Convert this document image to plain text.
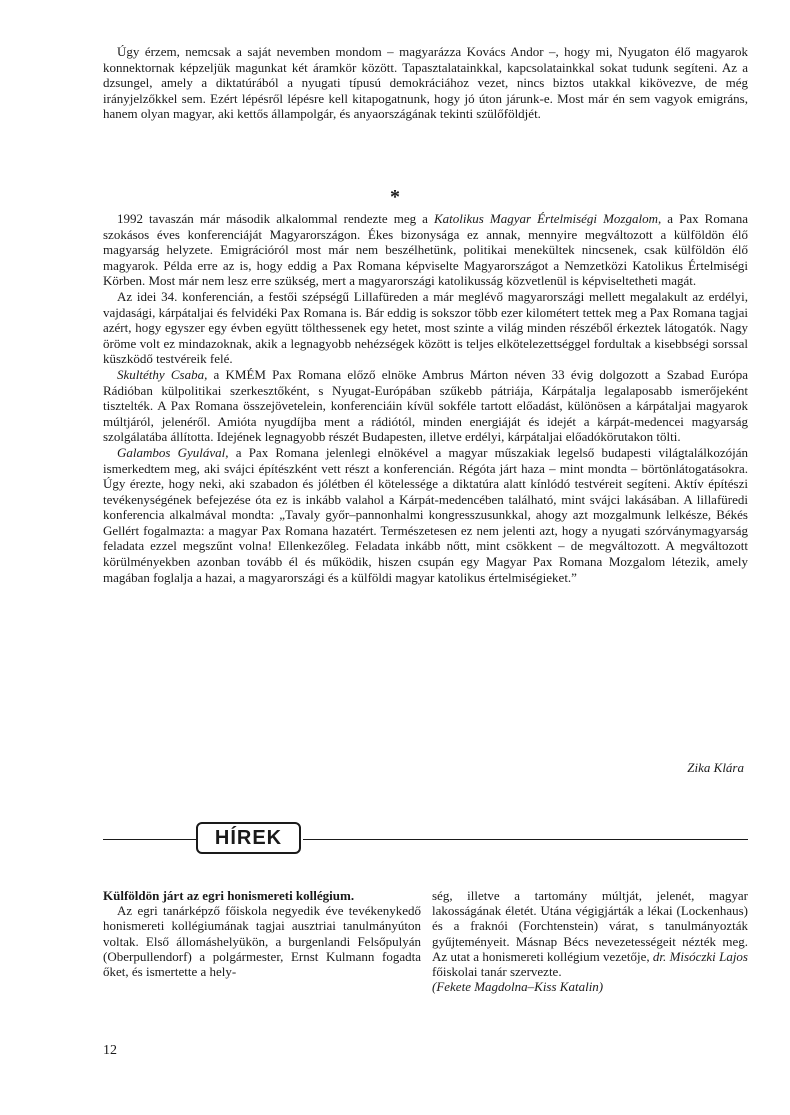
Úgy érzem, nemcsak a saját nevemben mondom – magyarázza Kovács Andor –, hogy mi, Nyugaton élő magyarok konnektornak képzeljük magunkat két áramkör között. Tapasztalatainkkal, kapcsolatainkkal sokat tudunk segíteni. Az a dzsungel, amely a diktatúrából a nyugati típusú demokráciához vezet, nincs biztos utakkal kikövezve, de még irányjelzőkkel sem. Ezért lépésről lépésre kell kitapogatnunk, hogy jó úton járunk-e. Most már én sem vagyok emigráns, hanem olyan magyar, aki kettős állampolgár, és anyaországának tekinti szülőföldjét.

*

1992 tavaszán már második alkalommal rendezte meg a Katolikus Magyar Értelmiségi Mozgalom, a Pax Romana szokásos éves konferenciáját Magyarországon. Ékes bizonysága ez annak, mennyire megváltozott a külföldön élő magyarság helyzete. Emigrációról most már nem beszélhetünk, politikai menekültek nincsenek, csak külföldön élő magyarok. Példa erre az is, hogy eddig a Pax Romana képviselte Magyarországot a Nemzetközi Katolikus Értelmiségi Körben. Most már nem lesz erre szükség, mert a magyarországi katolikusság közvetlenül is képviseltetheti magát.

Az idei 34. konferencián, a festői szépségű Lillafüreden a már meglévő magyarországi mellett megalakult az erdélyi, vajdasági, kárpátaljai és felvidéki Pax Romana is. Bár eddig is sokszor több ezer kilométert tettek meg a Pax Romana tagjai azért, hogy egyszer egy évben együtt tölthessenek egy hetet, most szinte a világ minden részéből érkeztek látogatók. Nagy öröme volt ez mindazoknak, akik a legnagyobb nehézségek között is teljes elkötelezettséggel fordultak a kisebbségi sorssal küszködő testvéreik felé.

Skultéthy Csaba, a KMÉM Pax Romana előző elnöke Ambrus Márton néven 33 évig dolgozott a Szabad Európa Rádióban külpolitikai szerkesztőként, s Nyugat-Európában szűkebb pátriája, Kárpátalja legalaposabb ismerőjeként tisztelték. A Pax Romana összejövetelein, konferenciáin kívül sokféle tartott előadást, különösen a kárpátaljai magyarok múltjáról, jelenéről. Amióta nyugdíjba ment a rádiótól, minden energiáját és idejét a kárpát-medencei magyarság szolgálatába állította. Idejének legnagyobb részét Budapesten, illetve erdélyi, kárpátaljai előadókörutakon tölti.

Galambos Gyulával, a Pax Romana jelenlegi elnökével a magyar műszakiak legelső budapesti világtalálkozóján ismerkedtem meg, aki svájci építészként vett részt a konferencián. Régóta járt haza – mint mondta – börtönlátogatásokra. Úgy érezte, hogy neki, aki szabadon és jólétben él kötelessége a diktatúra alatt kínlódó testvéreit segíteni. Aktív építészi tevékenységének befejezése óta ez is inkább valahol a Kárpát-medencében található, mint svájci lakásában. A lillafüredi konferencia alkalmával mondta: „Tavaly győr–pannonhalmi kongresszusunkkal, ahogy azt mozgalmunk lelkésze, Békés Gellért fogalmazta: a magyar Pax Romana hazatért. Természetesen ez nem jelenti azt, hogy a nyugati szórványmagyarság feladata ezzel megszűnt volna! Ellenkezőleg. Feladata inkább nőtt, mint csökkent – de megváltozott. A megváltozott körülményekben azonban tovább él és működik, hiszen csupán egy Magyar Pax Romana Mozgalom létezik, amely magában foglalja a hazai, a magyarországi és a külföldi magyar katolikus értelmiségieket.”

Zika Klára
HÍREK

Külföldön járt az egri honismereti kollégium.

Az egri tanárképző főiskola negyedik éve tevékenykedő honismereti kollégiumának tagjai ausztriai tanulmányúton voltak. Első állomáshelyükön, a burgenlandi Felsőpulyán (Oberpullendorf) a polgármester, Ernst Kulmann fogadta őket, és ismertette a hely-

ség, illetve a tartomány múltját, jelenét, magyar lakosságának életét. Utána végigjárták a lékai (Lockenhaus) és a fraknói (Forchtenstein) várat, s tanulmányozták gyűjteményeit. Másnap Bécs nevezetességeit nézték meg. Az utat a honismereti kollégium vezetője, dr. Misóczki Lajos főiskolai tanár szervezte.

(Fekete Magdolna–Kiss Katalin)

12
